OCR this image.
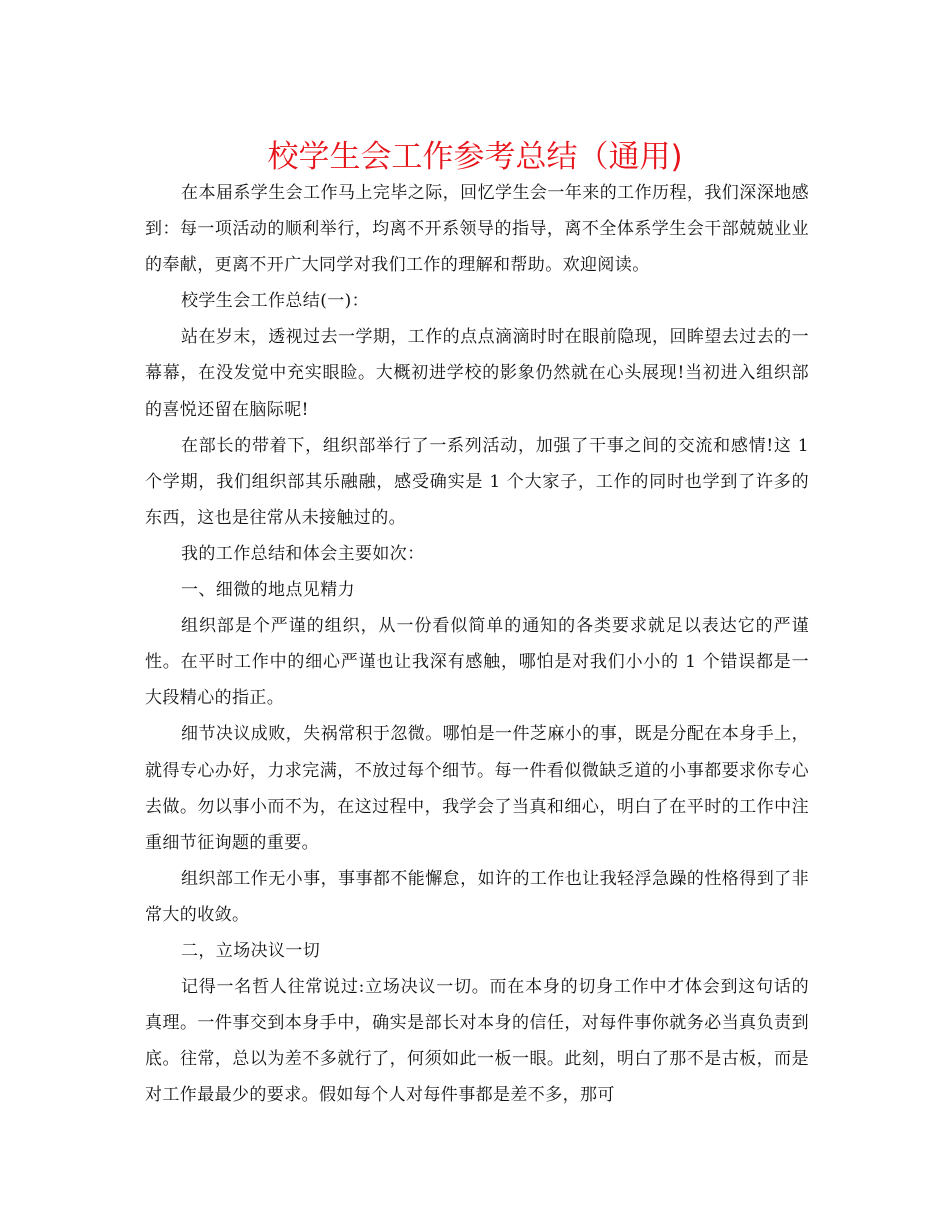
校学生会工作参考总结（通用)

在本届系学生会工作马上完毕之际，回忆学生会一年来的工作历程，我们深深地感到：每一项活动的顺利举行，均离不开系领导的指导，离不全体系学生会干部兢兢业业的奉献，更离不开广大同学对我们工作的理解和帮助。欢迎阅读。

校学生会工作总结(一)：

站在岁末，透视过去一学期，工作的点点滴滴时时在眼前隐现，回眸望去过去的一幕幕，在没发觉中充实眼睑。大概初进学校的影象仍然就在心头展现!当初进入组织部的喜悦还留在脑际呢!

在部长的带着下，组织部举行了一系列活动，加强了干事之间的交流和感情!这 1 个学期，我们组织部其乐融融，感受确实是 1 个大家子，工作的同时也学到了许多的东西，这也是往常从未接触过的。

我的工作总结和体会主要如次：

一、细微的地点见精力

组织部是个严谨的组织，从一份看似简单的通知的各类要求就足以表达它的严谨性。在平时工作中的细心严谨也让我深有感触，哪怕是对我们小小的 1 个错误都是一大段精心的指正。

细节决议成败，失祸常积于忽微。哪怕是一件芝麻小的事，既是分配在本身手上，就得专心办好，力求完满，不放过每个细节。每一件看似微缺乏道的小事都要求你专心去做。勿以事小而不为，在这过程中，我学会了当真和细心，明白了在平时的工作中注重细节征询题的重要。

组织部工作无小事，事事都不能懈怠，如许的工作也让我轻浮急躁的性格得到了非常大的收敛。

二，立场决议一切

记得一名哲人往常说过:立场决议一切。而在本身的切身工作中才体会到这句话的真理。一件事交到本身手中，确实是部长对本身的信任，对每件事你就务必当真负责到底。往常，总以为差不多就行了，何须如此一板一眼。此刻，明白了那不是古板，而是对工作最最少的要求。假如每个人对每件事都是差不多，那可
